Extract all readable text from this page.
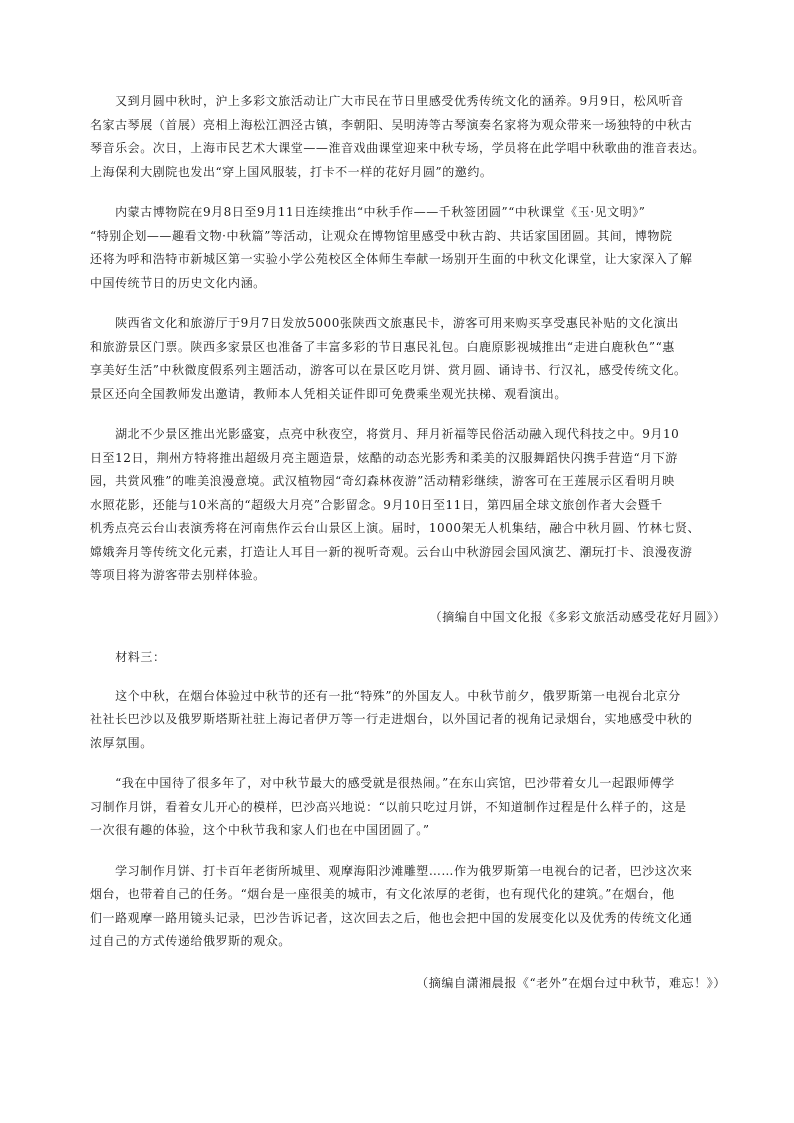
　　又到月圆中秋时，沪上多彩文旅活动让广大市民在节日里感受优秀传统文化的涵养。9月9日，松风听音
名家古琴展（首展）亮相上海松江泗泾古镇，李朝阳、吴明涛等古琴演奏名家将为观众带来一场独特的中秋古
琴音乐会。次日，上海市民艺术大课堂——淮音戏曲课堂迎来中秋专场，学员将在此学唱中秋歌曲的淮音表达。
上海保利大剧院也发出“穿上国风服装，打卡不一样的花好月圆”的邀约。
　　内蒙古博物院在9月8日至9月11日连续推出“中秋手作——千秋签团圆”“中秋课堂《玉·见文明》”
“特别企划——趣看文物·中秋篇”等活动，让观众在博物馆里感受中秋古韵、共话家国团圆。其间，博物院
还将为呼和浩特市新城区第一实验小学公苑校区全体师生奉献一场别开生面的中秋文化课堂，让大家深入了解
中国传统节日的历史文化内涵。
　　陕西省文化和旅游厅于9月7日发放5000张陕西文旅惠民卡，游客可用来购买享受惠民补贴的文化演出
和旅游景区门票。陕西多家景区也准备了丰富多彩的节日惠民礼包。白鹿原影视城推出“走进白鹿秋色”“惠
享美好生活”中秋微度假系列主题活动，游客可以在景区吃月饼、赏月圆、诵诗书、行汉礼，感受传统文化。
景区还向全国教师发出邀请，教师本人凭相关证件即可免费乘坐观光扶梯、观看演出。
　　湖北不少景区推出光影盛宴，点亮中秋夜空，将赏月、拜月祈福等民俗活动融入现代科技之中。9月10
日至12日，荆州方特将推出超级月亮主题造景，炫酷的动态光影秀和柔美的汉服舞蹈快闪携手营造“月下游
园，共赏风雅”的唯美浪漫意境。武汉植物园“奇幻森林夜游”活动精彩继续，游客可在王莲展示区看明月映
水照花影，还能与10米高的“超级大月亮”合影留念。9月10日至11日，第四届全球文旅创作者大会暨千
机秀点亮云台山表演秀将在河南焦作云台山景区上演。届时，1000架无人机集结，融合中秋月圆、竹林七贤、
嫦娥奔月等传统文化元素，打造让人耳目一新的视听奇观。云台山中秋游园会国风演艺、潮玩打卡、浪漫夜游
等项目将为游客带去别样体验。
（摘编自中国文化报《多彩文旅活动感受花好月圆》）
　　材料三：
　　这个中秋，在烟台体验过中秋节的还有一批“特殊”的外国友人。中秋节前夕，俄罗斯第一电视台北京分
社社长巴沙以及俄罗斯塔斯社驻上海记者伊万等一行走进烟台，以外国记者的视角记录烟台，实地感受中秋的
浓厚氛围。
　　“我在中国待了很多年了，对中秋节最大的感受就是很热闹。”在东山宾馆，巴沙带着女儿一起跟师傅学
习制作月饼，看着女儿开心的模样，巴沙高兴地说：“以前只吃过月饼，不知道制作过程是什么样子的，这是
一次很有趣的体验，这个中秋节我和家人们也在中国团圆了。”
　　学习制作月饼、打卡百年老街所城里、观摩海阳沙滩雕塑……作为俄罗斯第一电视台的记者，巴沙这次来
烟台，也带着自己的任务。“烟台是一座很美的城市，有文化浓厚的老街，也有现代化的建筑。”在烟台，他
们一路观摩一路用镜头记录，巴沙告诉记者，这次回去之后，他也会把中国的发展变化以及优秀的传统文化通
过自己的方式传递给俄罗斯的观众。
（摘编自潇湘晨报《“老外”在烟台过中秋节，难忘！》）
